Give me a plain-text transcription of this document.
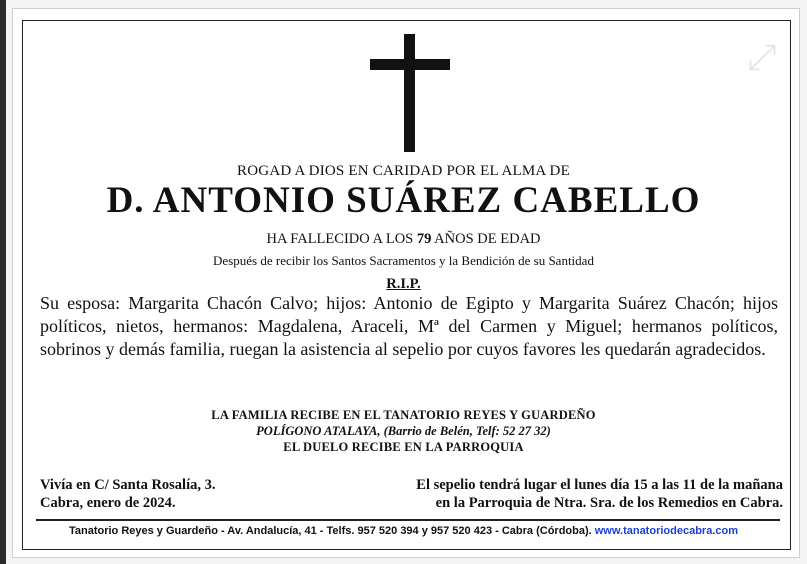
⤢
ROGAD A DIOS EN CARIDAD POR EL ALMA DE
D. ANTONIO SUÁREZ CABELLO
HA FALLECIDO A LOS 79 AÑOS DE EDAD
Después de recibir los Santos Sacramentos y la Bendición de su Santidad
R.I.P.
Su esposa: Margarita Chacón Calvo; hijos: Antonio de Egipto y Margarita Suárez Chacón; hijos políticos, nietos, hermanos: Magdalena, Araceli, Mª del Carmen y Miguel; hermanos políticos, sobrinos y demás familia, ruegan la asistencia al sepelio por cuyos favores les quedarán agradecidos.
LA FAMILIA RECIBE EN EL TANATORIO REYES Y GUARDEÑO
POLÍGONO ATALAYA, (Barrio de Belén, Telf: 52 27 32)
EL DUELO RECIBE EN LA PARROQUIA
Vivía en C/ Santa Rosalía, 3.
Cabra, enero de 2024.
El sepelio tendrá lugar el lunes día 15 a las 11 de la mañana
en la Parroquia de Ntra. Sra. de los Remedios en Cabra.
Tanatorio Reyes y Guardeño - Av. Andalucía, 41 - Telfs. 957 520 394 y 957 520 423 - Cabra (Córdoba). www.tanatoriodecabra.com
